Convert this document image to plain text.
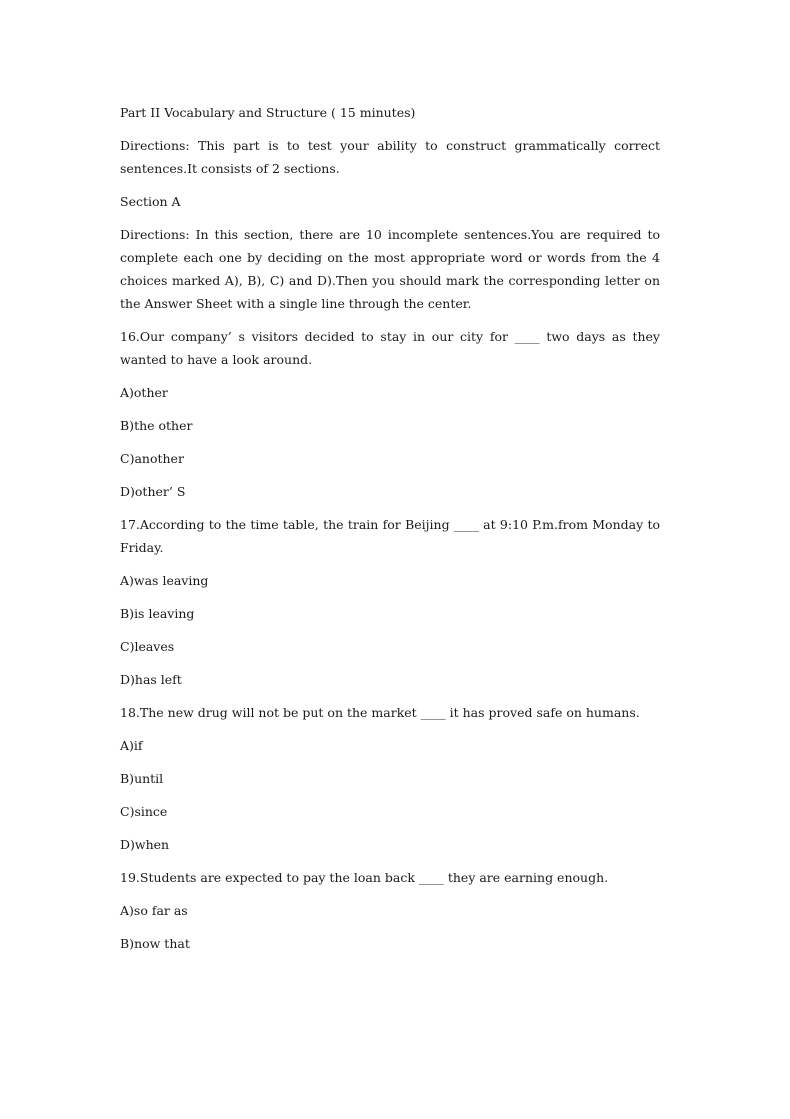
Part II Vocabulary and Structure ( 15 minutes)

Directions: This part is to test your ability to construct grammatically correct sentences.It consists of 2 sections.

Section A

Directions: In this section, there are 10 incomplete sentences.You are required to complete each one by deciding on the most appropriate word or words from the 4 choices marked A), B), C) and D).Then you should mark the corresponding letter on the Answer Sheet with a single line through the center.

16.Our company’ s visitors decided to stay in our city for ____ two days as they wanted to have a look around.

A)other

B)the other

C)another

D)other’ S

17.According to the time table, the train for Beijing ____ at 9:10 P.m.from Monday to Friday.

A)was leaving

B)is leaving

C)leaves

D)has left

18.The new drug will not be put on the market ____ it has proved safe on humans.

A)if

B)until

C)since

D)when

19.Students are expected to pay the loan back ____ they are earning enough.

A)so far as

B)now that
